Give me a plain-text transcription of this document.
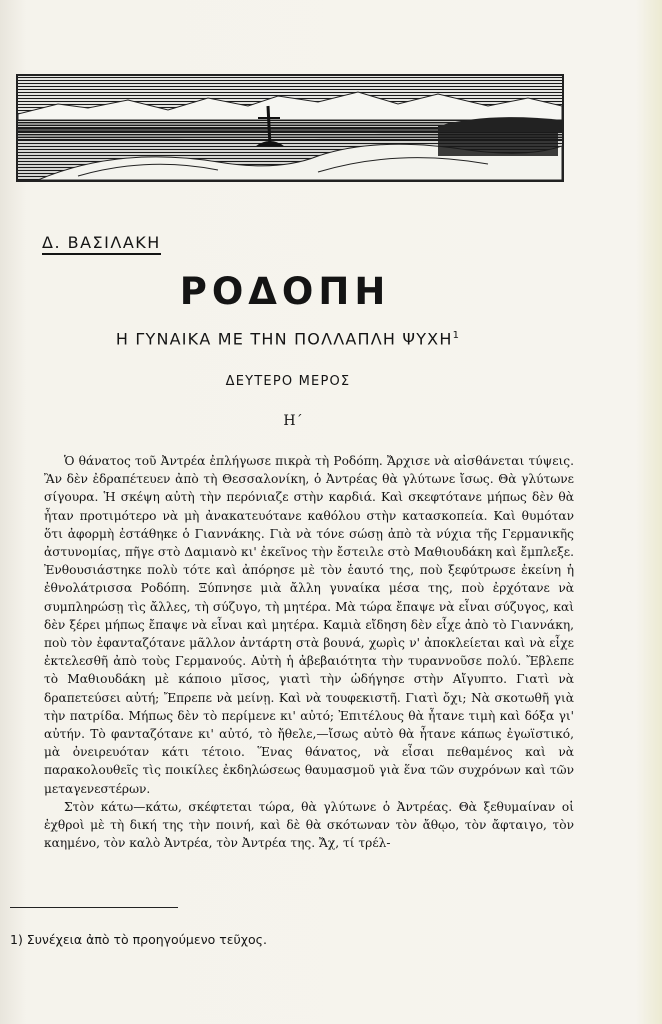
Δ. ΒΑΣΙΛΑΚΗ
ΡΟΔΟΠΗ
Η ΓΥΝΑΙΚΑ ΜΕ ΤΗΝ ΠΟΛΛΑΠΛΗ ΨΥΧΗ$^1$
ΔΕΥΤΕΡΟ ΜΕΡΟΣ
Η΄

Ὁ θάνατος τοῦ Ἀντρέα ἐπλήγωσε πικρὰ τὴ Ροδόπη. Ἄρχισε νὰ αἰσθάνεται τύψεις. Ἂν δὲν ἐδραπέτευεν ἀπὸ τὴ Θεσσαλονίκη, ὁ Ἀντρέας θὰ γλύτωνε ἴσως. Θὰ γλύτωνε σίγουρα. Ἡ σκέψη αὐτὴ τὴν περόνιαζε στὴν καρδιά. Καὶ σκεφτότανε μήπως δὲν θὰ ἦταν προτιμότερο νὰ μὴ ἀνακατευότανε καθόλου στὴν κατασκοπεία. Καὶ θυμόταν ὅτι ἀφορμὴ ἐστάθηκε ὁ Γιαννάκης. Γιὰ νὰ τόνε σώσῃ ἀπὸ τὰ νύχια τῆς Γερμανικῆς ἀστυνομίας, πῆγε στὸ Δαμιανὸ κι' ἐκεῖνος τὴν ἔστειλε στὸ Μαθιουδάκη καὶ ἔμπλεξε. Ἐνθουσιάστηκε πολὺ τότε καὶ ἀπόρησε μὲ τὸν ἑαυτό της, ποὺ ξεφύτρωσε ἐκείνη ἡ ἐθνολάτρισσα Ροδόπη. Ξύπνησε μιὰ ἄλλη γυναίκα μέσα της, ποὺ ἐρχότανε νὰ συμπληρώσῃ τὶς ἄλλες, τὴ σύζυγο, τὴ μητέρα. Μὰ τώρα ἔπαψε νὰ εἶναι σύζυγος, καὶ δὲν ξέρει μήπως ἔπαψε νὰ εἶναι καὶ μητέρα. Καμιὰ εἴδηση δὲν εἶχε ἀπὸ τὸ Γιαννάκη, ποὺ τὸν ἐφανταζότανε μᾶλλον ἀντάρτη στὰ βουνά, χωρὶς ν' ἀποκλείεται καὶ νὰ εἶχε ἐκτελεσθῆ ἀπὸ τοὺς Γερμανούς. Αὐτὴ ἡ ἀβεβαιότητα τὴν τυραννοῦσε πολύ. Ἔβλεπε τὸ Μαθιουδάκη μὲ κάποιο μῖσος, γιατὶ τὴν ὡδήγησε στὴν Αἴγυπτο. Γιατὶ νὰ δραπετεύσει αὐτή; Ἔπρεπε νὰ μείνῃ. Καὶ νὰ τουφεκιστῆ. Γιατὶ ὄχι; Νὰ σκοτωθῆ γιὰ τὴν πατρίδα. Μήπως δὲν τὸ περίμενε κι' αὐτό; Ἐπιτέλους θὰ ἦτανε τιμὴ καὶ δόξα γι' αὐτήν. Τὸ φανταζότανε κι' αὐτό, τὸ ἤθελε,—ἴσως αὐτὸ θὰ ἦτανε κάπως ἐγωϊστικό, μὰ ὀνειρευόταν κάτι τέτοιο. Ἕνας θάνατος, νὰ εἶσαι πεθαμένος καὶ νὰ παρακολουθεῖς τὶς ποικίλες ἐκδηλώσεως θαυμασμοῦ γιὰ ἕνα τῶν συχρόνων καὶ τῶν μεταγενεστέρων.

Στὸν κάτω—κάτω, σκέφτεται τώρα, θὰ γλύτωνε ὁ Ἀντρέας. Θὰ ξεθυμαίναν οἱ ἐχθροὶ μὲ τὴ δική της τὴν ποινή, καὶ δὲ θὰ σκότωναν τὸν ἄθῳο, τὸν ἄφταιγο, τὸν καημένο, τὸν καλὸ Ἀντρέα, τὸν Ἀντρέα της. Ἄχ, τί τρέλ-

1) Συνέχεια ἀπὸ τὸ προηγούμενο τεῦχος.
